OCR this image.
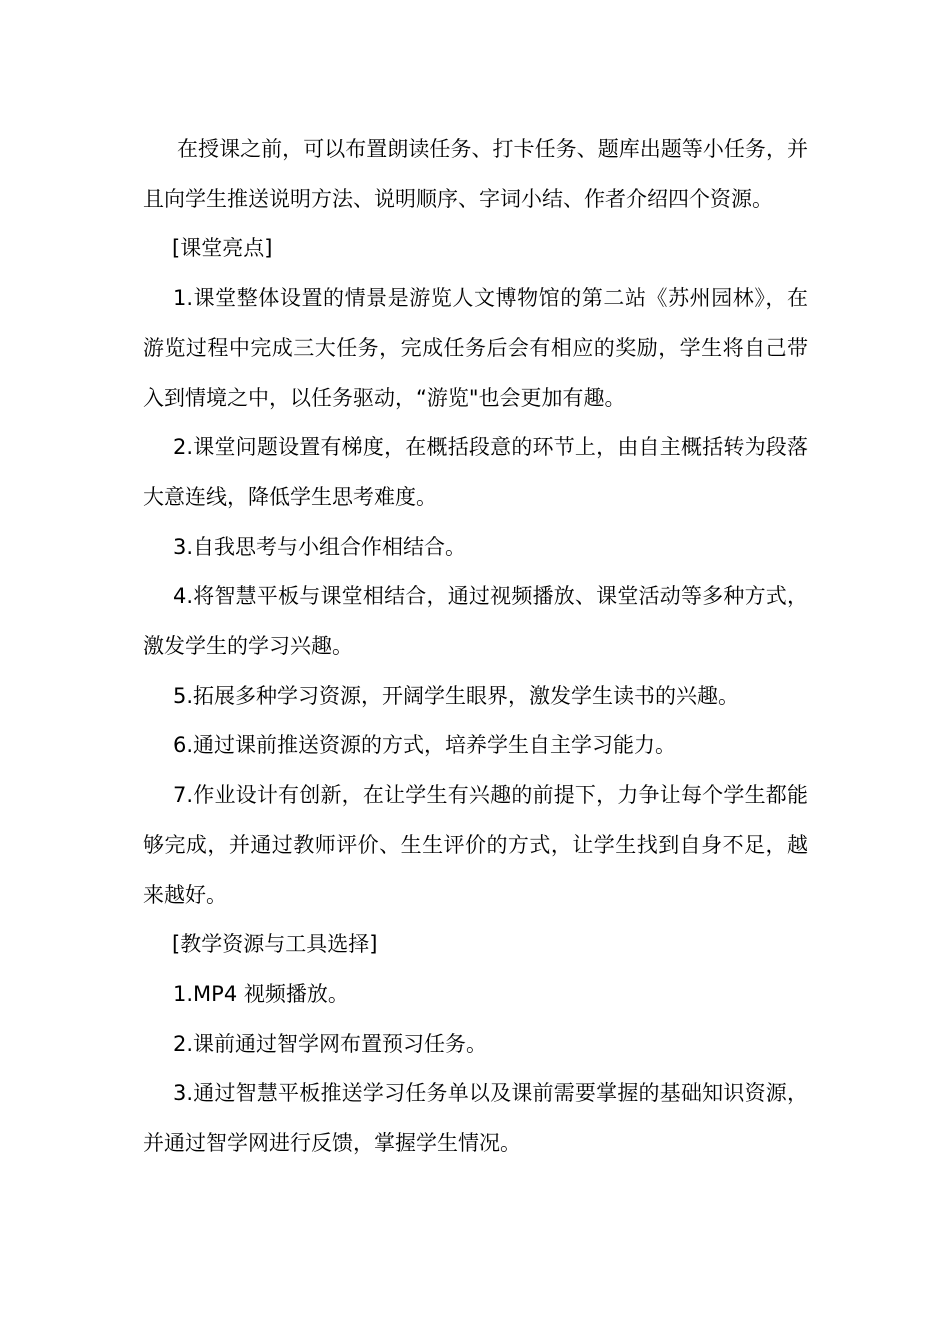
在授课之前，可以布置朗读任务、打卡任务、题库出题等小任务，并且向学生推送说明方法、说明顺序、字词小结、作者介绍四个资源。

[课堂亮点]

1.课堂整体设置的情景是游览人文博物馆的第二站《苏州园林》，在游览过程中完成三大任务，完成任务后会有相应的奖励，学生将自己带入到情境之中，以任务驱动，“游览"也会更加有趣。

2.课堂问题设置有梯度，在概括段意的环节上，由自主概括转为段落大意连线，降低学生思考难度。

3.自我思考与小组合作相结合。

4.将智慧平板与课堂相结合，通过视频播放、课堂活动等多种方式，激发学生的学习兴趣。

5.拓展多种学习资源，开阔学生眼界，激发学生读书的兴趣。

6.通过课前推送资源的方式，培养学生自主学习能力。

7.作业设计有创新，在让学生有兴趣的前提下，力争让每个学生都能够完成，并通过教师评价、生生评价的方式，让学生找到自身不足，越来越好。

[教学资源与工具选择]

1.MP4 视频播放。

2.课前通过智学网布置预习任务。

3.通过智慧平板推送学习任务单以及课前需要掌握的基础知识资源，并通过智学网进行反馈，掌握学生情况。
